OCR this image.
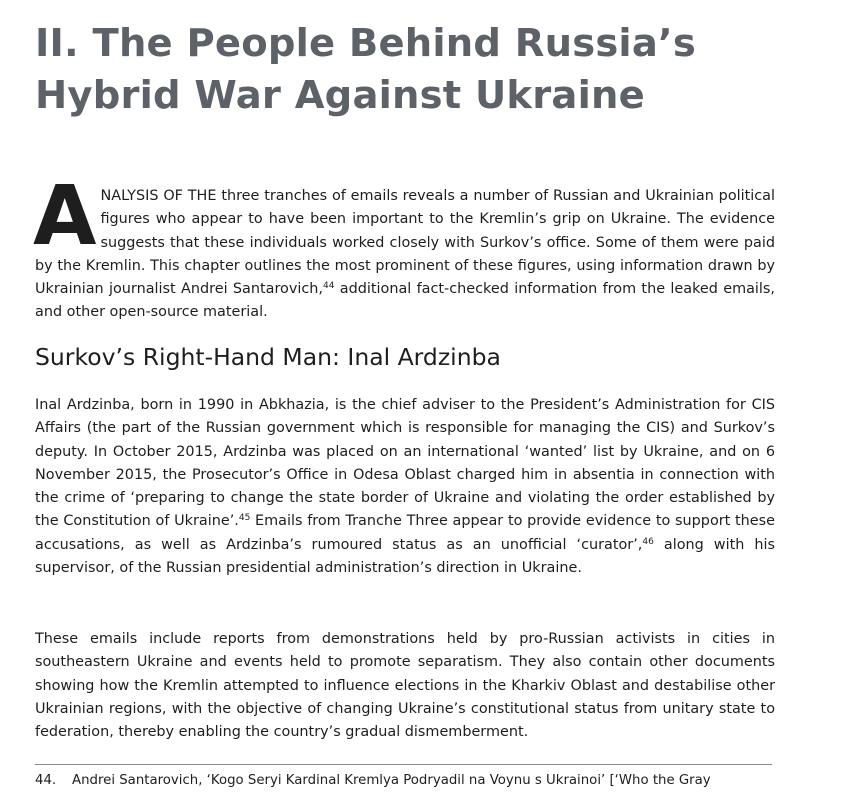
II. The People Behind Russia’s
Hybrid War Against Ukraine
ANALYSIS OF THE three tranches of emails reveals a number of Russian and Ukrainian political figures who appear to have been important to the Kremlin’s grip on Ukraine. The evidence suggests that these individuals worked closely with Surkov’s office. Some of them were paid by the Kremlin. This chapter outlines the most prominent of these figures, using information drawn by Ukrainian journalist Andrei Santarovich,$^{44}$ additional fact-checked information from the leaked emails, and other open-source material.
Surkov’s Right-Hand Man: Inal Ardzinba

Inal Ardzinba, born in 1990 in Abkhazia, is the chief adviser to the President’s Administration for CIS Affairs (the part of the Russian government which is responsible for managing the CIS) and Surkov’s deputy. In October 2015, Ardzinba was placed on an international ‘wanted’ list by Ukraine, and on 6 November 2015, the Prosecutor’s Office in Odesa Oblast charged him in absentia in connection with the crime of ‘preparing to change the state border of Ukraine and violating the order established by the Constitution of Ukraine’.$^{45}$ Emails from Tranche Three appear to provide evidence to support these accusations, as well as Ardzinba’s rumoured status as an unofficial ‘curator’,$^{46}$ along with his supervisor, of the Russian presidential administration’s direction in Ukraine.

These emails include reports from demonstrations held by pro-Russian activists in cities in southeastern Ukraine and events held to promote separatism. They also contain other documents showing how the Kremlin attempted to influence elections in the Kharkiv Oblast and destabilise other Ukrainian regions, with the objective of changing Ukraine’s constitutional status from unitary state to federation, thereby enabling the country’s gradual dismemberment.

44. Andrei Santarovich, ‘Kogo Seryi Kardinal Kremlya Podryadil na Voynu s Ukrainoi’ [‘Who the Gray
